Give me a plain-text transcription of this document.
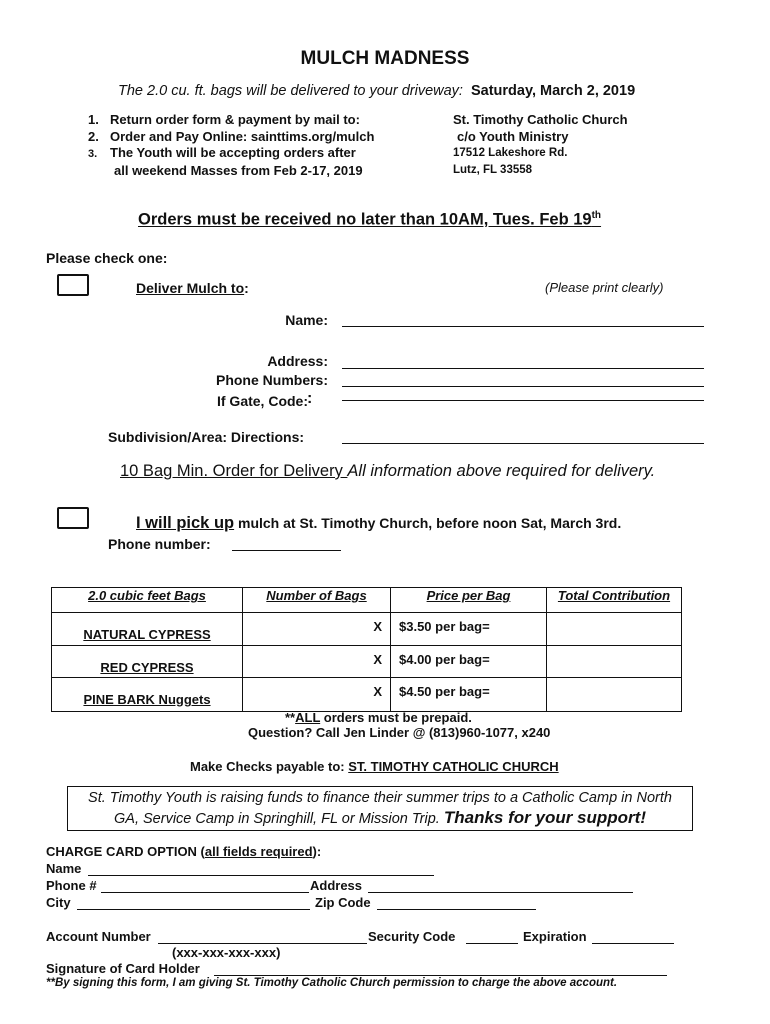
MULCH MADNESS
The 2.0 cu. ft. bags will be delivered to your driveway: Saturday, March 2, 2019
1. Return order form & payment by mail to:
2. Order and Pay Online: sainttims.org/mulch
3. The Youth will be accepting orders after
all weekend Masses from Feb 2-17, 2019
St. Timothy Catholic Church
c/o Youth Ministry
17512 Lakeshore Rd.
Lutz, FL 33558
Orders must be received no later than 10AM, Tues. Feb 19th
Please check one:
Deliver Mulch to:	(Please print clearly)
Name:
Address:
Phone Numbers:
If Gate, Code: :
Subdivision/Area: Directions:
10 Bag Min. Order for Delivery All information above required for delivery.
I will pick up mulch at St. Timothy Church, before noon Sat, March 3rd.
Phone number:
2.0 cubic feet Bags	Number of Bags	Price per Bag	Total Contribution
NATURAL CYPRESS	X	$3.50 per bag=	
RED CYPRESS	X	$4.00 per bag=	
PINE BARK Nuggets	X	$4.50 per bag=	
**ALL orders must be prepaid.
Question? Call Jen Linder @ (813)960-1077, x240
Make Checks payable to: ST. TIMOTHY CATHOLIC CHURCH
St. Timothy Youth is raising funds to finance their summer trips to a Catholic Camp in North
GA, Service Camp in Springhill, FL or Mission Trip. Thanks for your support!
CHARGE CARD OPTION (all fields required):
Name
Phone #	Address
City	Zip Code
Account Number	Security Code	Expiration
(xxx-xxx-xxx-xxx)
Signature of Card Holder
**By signing this form, I am giving St. Timothy Catholic Church permission to charge the above account.
